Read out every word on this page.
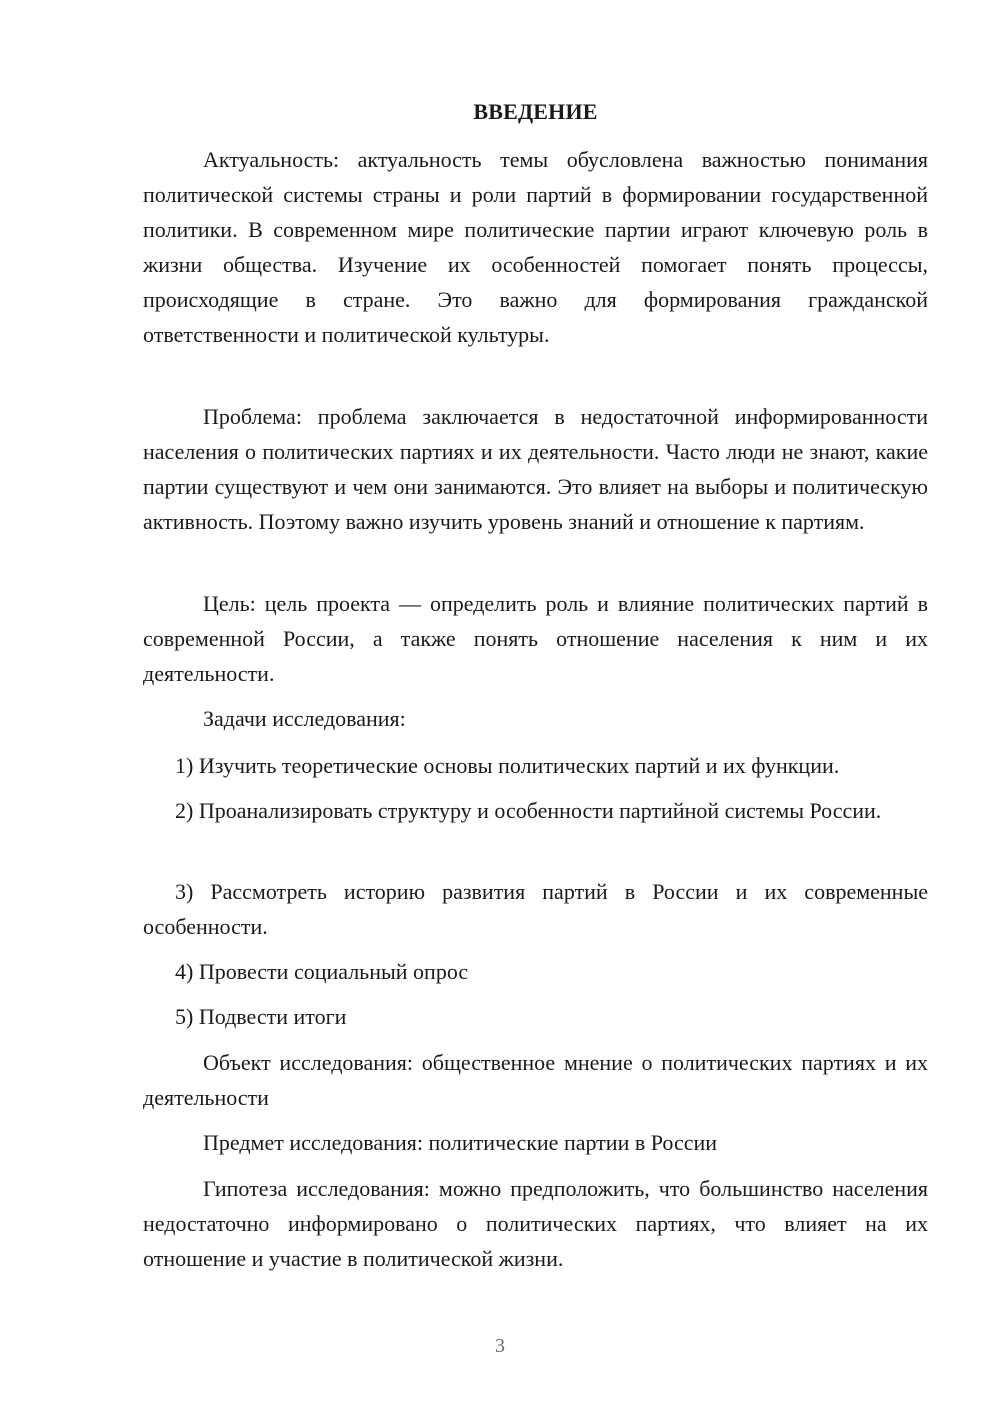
ВВЕДЕНИЕ

Актуальность: актуальность темы обусловлена важностью понимания политической системы страны и роли партий в формировании государственной политики. В современном мире политические партии играют ключевую роль в жизни общества. Изучение их особенностей помогает понять процессы, происходящие в стране. Это важно для формирования гражданской ответственности и политической культуры.

Проблема: проблема заключается в недостаточной информированности населения о политических партиях и их деятельности. Часто люди не знают, какие партии существуют и чем они занимаются. Это влияет на выборы и политическую активность. Поэтому важно изучить уровень знаний и отношение к партиям.

Цель: цель проекта — определить роль и влияние политических партий в современной России, а также понять отношение населения к ним и их деятельности.

Задачи исследования:

1) Изучить теоретические основы политических партий и их функции.

2) Проанализировать структуру и особенности партийной системы России.

3) Рассмотреть историю развития партий в России и их современные особенности.

4) Провести социальный опрос

5) Подвести итоги

Объект исследования: общественное мнение о политических партиях и их деятельности

Предмет исследования: политические партии в России

Гипотеза исследования: можно предположить, что большинство населения недостаточно информировано о политических партиях, что влияет на их отношение и участие в политической жизни.

3
